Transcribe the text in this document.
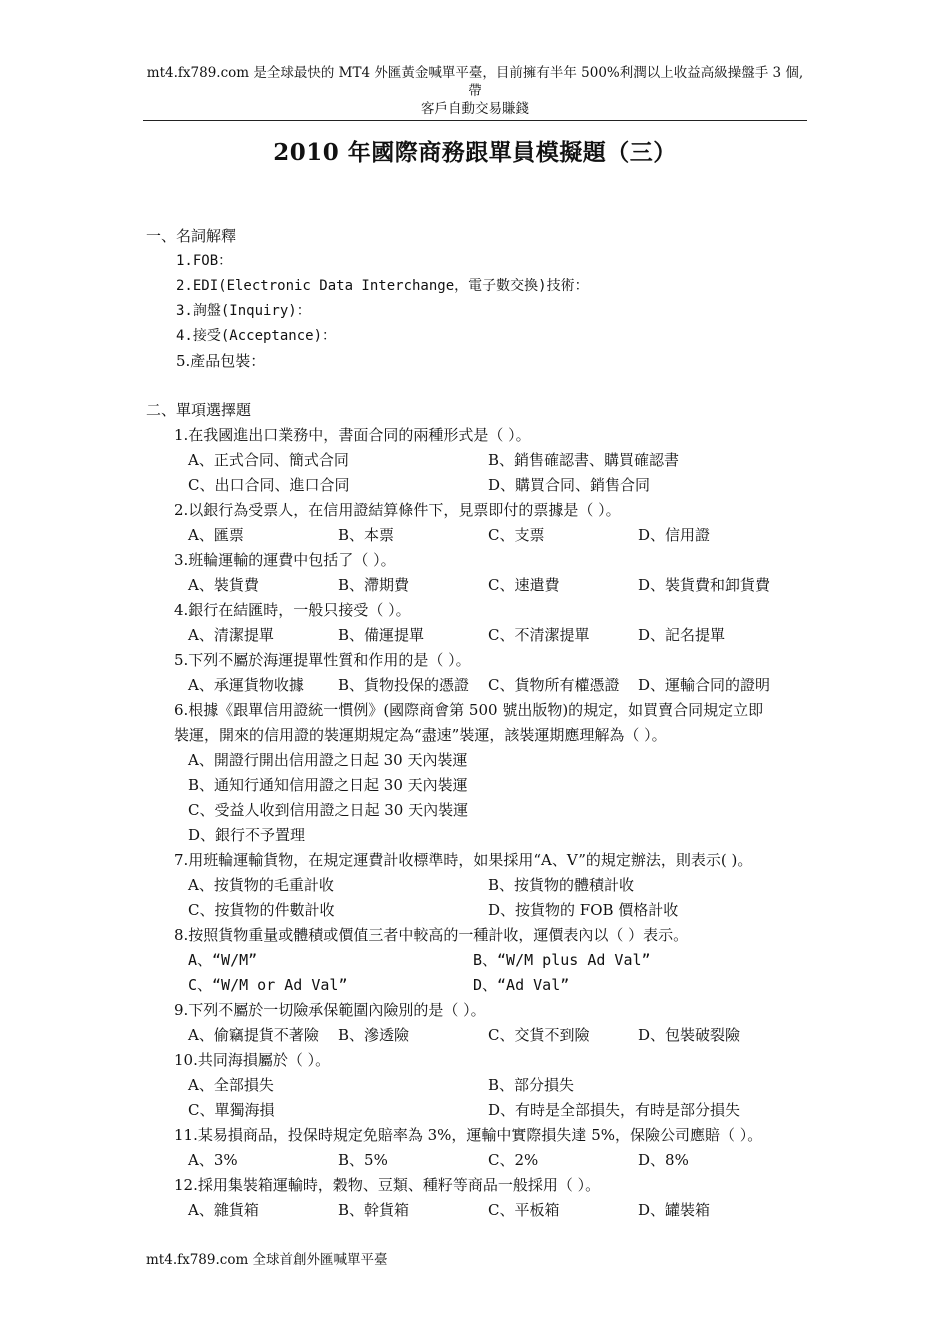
mt4.fx789.com 是全球最快的 MT4 外匯黃金喊單平臺，目前擁有半年 500%利潤以上收益高級操盤手 3 個,帶
客戶自動交易賺錢
2010 年國際商務跟單員模擬題（三）
一、名詞解釋
1.FOB：
2.EDI(Electronic Data Interchange，電子數交換)技術：
3.詢盤(Inquiry)：
4.接受(Acceptance)：
5.產品包裝：
二、單項選擇題
1.在我國進出口業務中，書面合同的兩種形式是（ ）。
A、正式合同、簡式合同	B、銷售確認書、購買確認書
C、出口合同、進口合同	D、購買合同、銷售合同
2.以銀行為受票人，在信用證結算條件下，見票即付的票據是（ ）。
A、匯票	B、本票	C、支票	D、信用證
3.班輪運輸的運費中包括了（ ）。
A、裝貨費	B、滯期費	C、速遣費	D、裝貨費和卸貨費
4.銀行在結匯時，一般只接受（ ）。
A、清潔提單	B、備運提單	C、不清潔提單	D、記名提單
5.下列不屬於海運提單性質和作用的是（ ）。
A、承運貨物收據 B、貨物投保的憑證 C、貨物所有權憑證 D、運輸合同的證明
6.根據《跟單信用證統一慣例》(國際商會第 500 號出版物)的規定，如買賣合同規定立即
裝運，開來的信用證的裝運期規定為“盡速”裝運，該裝運期應理解為（ ）。
A、開證行開出信用證之日起 30 天內裝運
B、通知行通知信用證之日起 30 天內裝運
C、受益人收到信用證之日起 30 天內裝運
D、銀行不予置理
7.用班輪運輸貨物，在規定運費計收標準時，如果採用“A、V”的規定辦法，則表示( )。
A、按貨物的毛重計收	B、按貨物的體積計收
C、按貨物的件數計收	D、按貨物的 FOB 價格計收
8.按照貨物重量或體積或價值三者中較高的一種計收，運價表內以（ ）表示。
A、“W/M”	B、“W/M plus Ad Val”
C、“W/M or Ad Val”	D、“Ad Val”
9.下列不屬於一切險承保範圍內險別的是（ ）。
A、偷竊提貨不著險 B、滲透險	C、交貨不到險	D、包裝破裂險
10.共同海損屬於（ ）。
A、全部損失	B、部分損失
C、單獨海損	D、有時是全部損失，有時是部分損失
11.某易損商品，投保時規定免賠率為 3%，運輸中實際損失達 5%，保險公司應賠（ ）。
A、3%	B、5%	C、2%	D、8%
12.採用集裝箱運輸時，穀物、豆類、種籽等商品一般採用（ ）。
A、雜貨箱	B、幹貨箱	C、平板箱	D、罐裝箱
mt4.fx789.com 全球首創外匯喊單平臺
